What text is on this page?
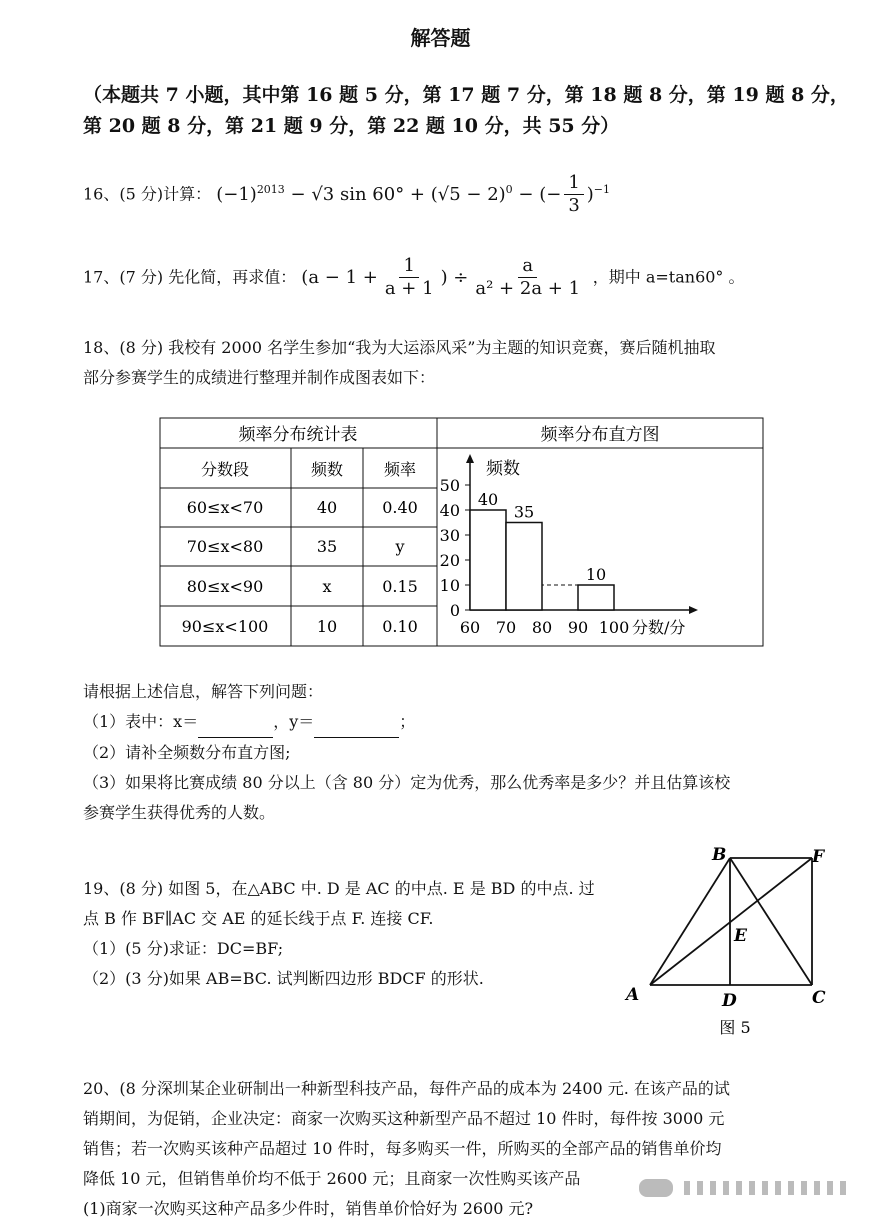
解答题
（本题共 7 小题，其中第 16 题 5 分，第 17 题 7 分，第 18 题 8 分，第 19 题 8 分，第 20 题 8 分，第 21 题 9 分，第 22 题 10 分，共 55 分）
16、(5 分)计算： $(-1)^{2013} - √3$ $\sin 60^\circ + (√5 - 2)^0$ − (− $\frac{1}{3} )^{-1}$
17、(7 分) 先化简，再求值： ($a - 1 + \frac{1}{a + 1}$ ) ÷ $\frac{a}{\text{a² + 2a + 1}}$ ，期中 a=tan60° 。
18、(8 分) 我校有 2000 名学生参加“我为大运添风采”为主题的知识竞赛，赛后随机抽取
部分参赛学生的成绩进行整理并制作成图表如下：
频率分布统计表	频率分布直方图
分数段	频数	频率
60≤x<70	40	0.40
70≤x<80	35	y
80≤x<90	x	0.15
90≤x<100	10	0.10
0
10
20
30
40
50
频数
60 70 80 90 100 分数/分
40
35
10
请根据上述信息，解答下列问题：
（1）表中：x＝	，y＝	；
（2）请补全频数分布直方图;
（3）如果将比赛成绩 80 分以上（含 80 分）定为优秀，那么优秀率是多少？并且估算该校
参赛学生获得优秀的人数。
19、(8 分) 如图 5，在△ABC 中. D 是 AC 的中点. E 是 BD 的中点. 过
点 B 作 BF∥AC 交 AE 的延长线于点 F. 连接 CF.
（1）(5 分)求证：DC=BF;
（2）(3 分)如果 AB=BC. 试判断四边形 BDCF 的形状.
B	F
E
A	D	C
图 5
20、(8 分深圳某企业研制出一种新型科技产品，每件产品的成本为 2400 元. 在该产品的试
销期间，为促销，企业决定：商家一次购买这种新型产品不超过 10 件时，每件按 3000 元
销售；若一次购买该种产品超过 10 件时，每多购买一件，所购买的全部产品的销售单价均
降低 10 元，但销售单价均不低于 2600 元；且商家一次性购买该产品
(1)商家一次购买这种产品多少件时，销售单价恰好为 2600 元?
